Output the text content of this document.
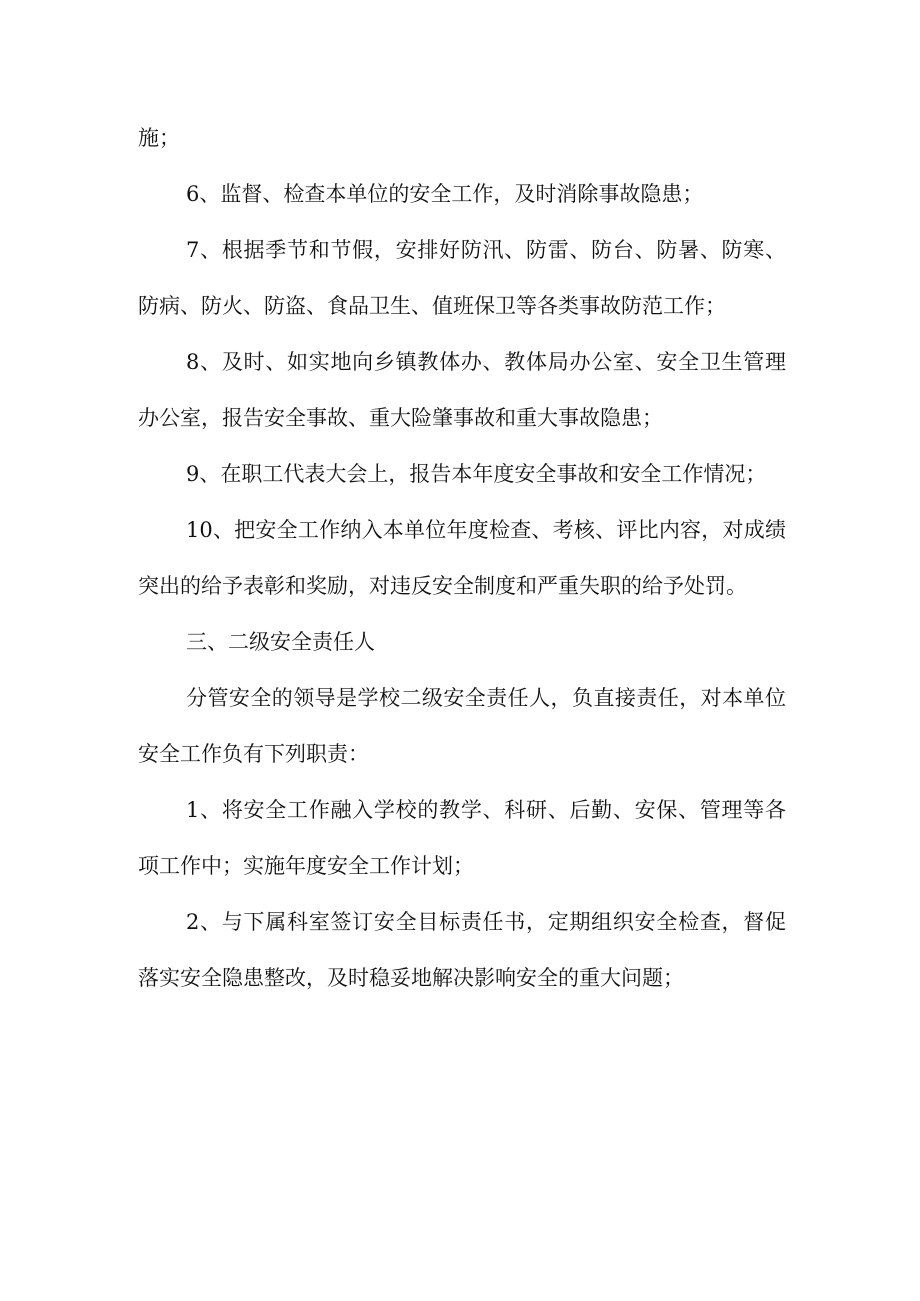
施；

6、监督、检查本单位的安全工作，及时消除事故隐患；

7、根据季节和节假，安排好防汛、防雷、防台、防暑、防寒、防病、防火、防盗、食品卫生、值班保卫等各类事故防范工作；

8、及时、如实地向乡镇教体办、教体局办公室、安全卫生管理办公室，报告安全事故、重大险肇事故和重大事故隐患；

9、在职工代表大会上，报告本年度安全事故和安全工作情况；

10、把安全工作纳入本单位年度检查、考核、评比内容，对成绩突出的给予表彰和奖励，对违反安全制度和严重失职的给予处罚。

三、二级安全责任人

分管安全的领导是学校二级安全责任人，负直接责任，对本单位安全工作负有下列职责：

1、将安全工作融入学校的教学、科研、后勤、安保、管理等各项工作中；实施年度安全工作计划；

2、与下属科室签订安全目标责任书，定期组织安全检查，督促落实安全隐患整改，及时稳妥地解决影响安全的重大问题；
